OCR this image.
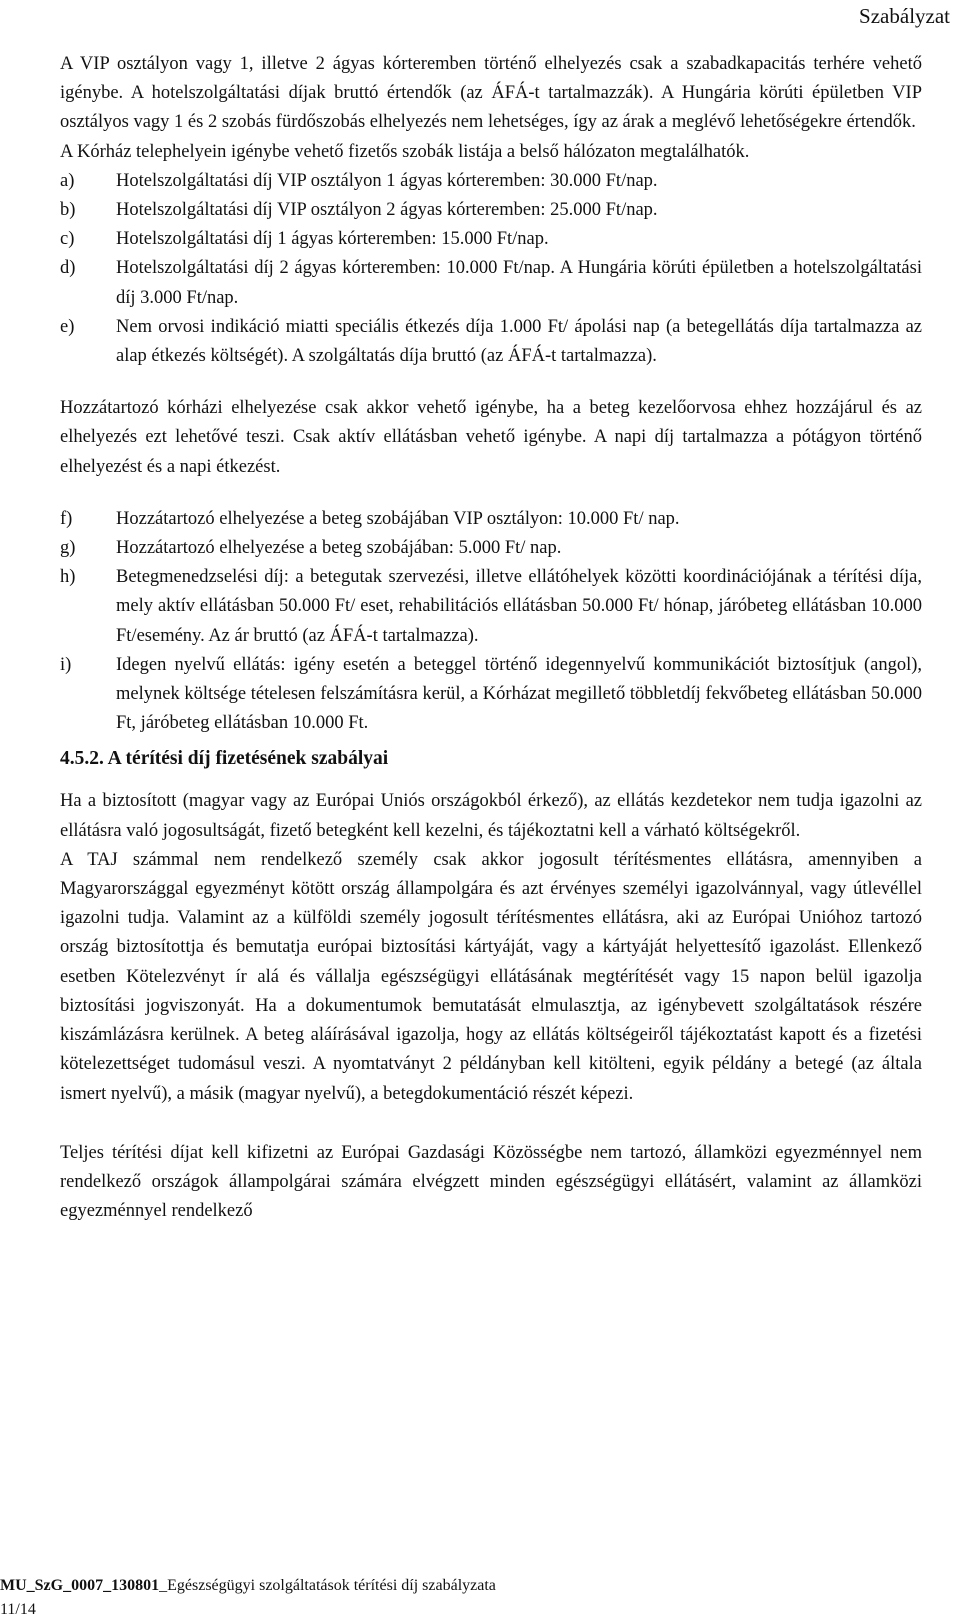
Szabályzat

A VIP osztályon vagy 1, illetve 2 ágyas kórteremben történő elhelyezés csak a szabadkapacitás terhére vehető igénybe. A hotelszolgáltatási díjak bruttó értendők (az ÁFÁ-t tartalmazzák). A Hungária körúti épületben VIP osztályos vagy 1 és 2 szobás fürdőszobás elhelyezés nem lehetséges, így az árak a meglévő lehetőségekre értendők.

A Kórház telephelyein igénybe vehető fizetős szobák listája a belső hálózaton megtalálhatók.

a)	Hotelszolgáltatási díj VIP osztályon 1 ágyas kórteremben: 30.000 Ft/nap.
b)	Hotelszolgáltatási díj VIP osztályon 2 ágyas kórteremben: 25.000 Ft/nap.
c)	Hotelszolgáltatási díj 1 ágyas kórteremben: 15.000 Ft/nap.
d)	Hotelszolgáltatási díj 2 ágyas kórteremben: 10.000 Ft/nap. A Hungária körúti épületben a hotelszolgáltatási díj 3.000 Ft/nap.
e)	Nem orvosi indikáció miatti speciális étkezés díja 1.000 Ft/ ápolási nap (a betegellátás díja tartalmazza az alap étkezés költségét). A szolgáltatás díja bruttó (az ÁFÁ-t tartalmazza).

Hozzátartozó kórházi elhelyezése csak akkor vehető igénybe, ha a beteg kezelőorvosa ehhez hozzájárul és az elhelyezés ezt lehetővé teszi. Csak aktív ellátásban vehető igénybe. A napi díj tartalmazza a pótágyon történő elhelyezést és a napi étkezést.

f)	Hozzátartozó elhelyezése a beteg szobájában VIP osztályon: 10.000 Ft/ nap.
g)	Hozzátartozó elhelyezése a beteg szobájában: 5.000 Ft/ nap.
h)	Betegmenedzselési díj: a betegutak szervezési, illetve ellátóhelyek közötti koordinációjának a térítési díja, mely aktív ellátásban 50.000 Ft/ eset, rehabilitációs ellátásban 50.000 Ft/ hónap, járóbeteg ellátásban 10.000 Ft/esemény. Az ár bruttó (az ÁFÁ-t tartalmazza).
i)	Idegen nyelvű ellátás: igény esetén a beteggel történő idegennyelvű kommunikációt biztosítjuk (angol), melynek költsége tételesen felszámításra kerül, a Kórházat megillető többletdíj fekvőbeteg ellátásban 50.000 Ft, járóbeteg ellátásban 10.000 Ft.
4.5.2. A térítési díj fizetésének szabályai

Ha a biztosított (magyar vagy az Európai Uniós országokból érkező), az ellátás kezdetekor nem tudja igazolni az ellátásra való jogosultságát, fizető betegként kell kezelni, és tájékoztatni kell a várható költségekről.

A TAJ számmal nem rendelkező személy csak akkor jogosult térítésmentes ellátásra, amennyiben a Magyarországgal egyezményt kötött ország állampolgára és azt érvényes személyi igazolvánnyal, vagy útlevéllel igazolni tudja. Valamint az a külföldi személy jogosult térítésmentes ellátásra, aki az Európai Unióhoz tartozó ország biztosítottja és bemutatja európai biztosítási kártyáját, vagy a kártyáját helyettesítő igazolást. Ellenkező esetben Kötelezvényt ír alá és vállalja egészségügyi ellátásának megtérítését vagy 15 napon belül igazolja biztosítási jogviszonyát. Ha a dokumentumok bemutatását elmulasztja, az igénybevett szolgáltatások részére kiszámlázásra kerülnek. A beteg aláírásával igazolja, hogy az ellátás költségeiről tájékoztatást kapott és a fizetési kötelezettséget tudomásul veszi. A nyomtatványt 2 példányban kell kitölteni, egyik példány a betegé (az általa ismert nyelvű), a másik (magyar nyelvű), a betegdokumentáció részét képezi.

Teljes térítési díjat kell kifizetni az Európai Gazdasági Közösségbe nem tartozó, államközi egyezménnyel nem rendelkező országok állampolgárai számára elvégzett minden egészségügyi ellátásért, valamint az államközi egyezménnyel rendelkező

MU_SzG_0007_130801_Egészségügyi szolgáltatások térítési díj szabályzata
11/14
